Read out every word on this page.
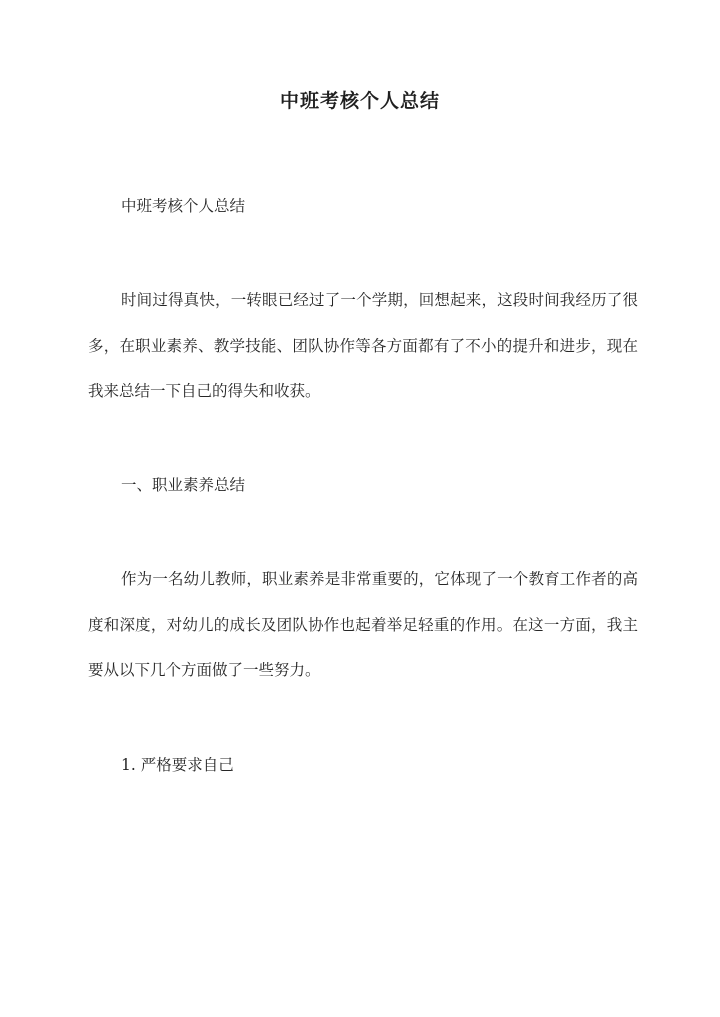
中班考核个人总结

中班考核个人总结

时间过得真快，一转眼已经过了一个学期，回想起来，这段时间我经历了很多，在职业素养、教学技能、团队协作等各方面都有了不小的提升和进步，现在我来总结一下自己的得失和收获。

一、职业素养总结

作为一名幼儿教师，职业素养是非常重要的，它体现了一个教育工作者的高度和深度，对幼儿的成长及团队协作也起着举足轻重的作用。在这一方面，我主要从以下几个方面做了一些努力。

1. 严格要求自己
